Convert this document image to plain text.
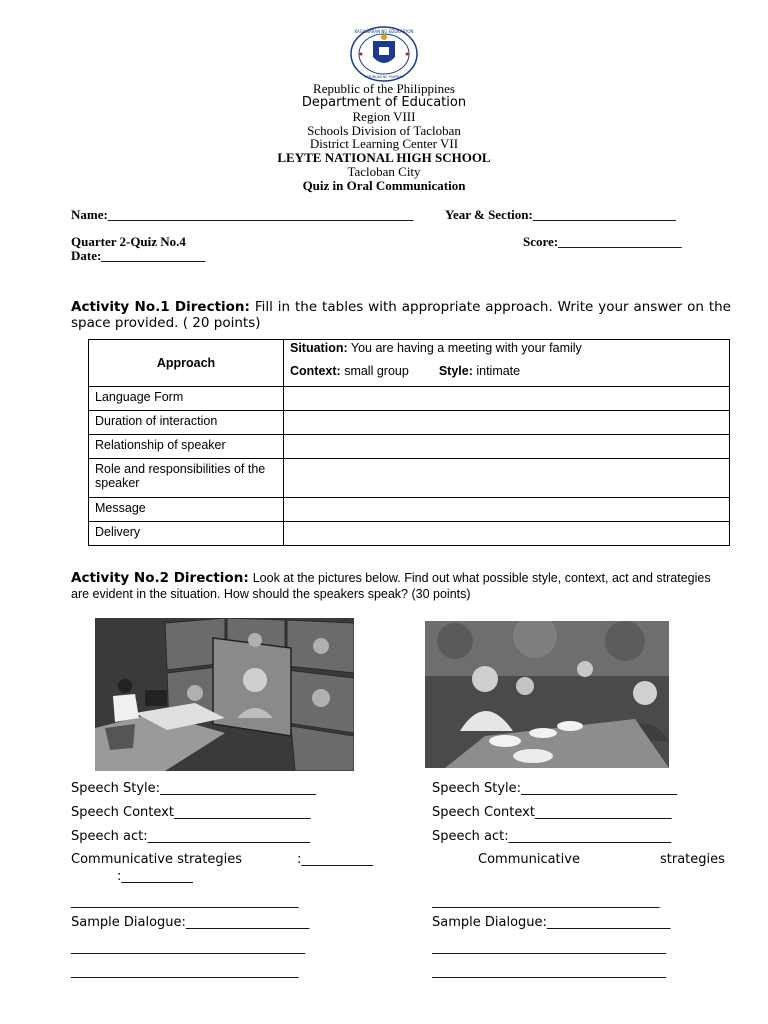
KAGAWARAN NG EDUKASYON
REPUBLIKA NG PILIPINAS
Republic of the Philippines
Department of Education
Region VIII
Schools Division of Tacloban
District Learning Center VII
LEYTE NATIONAL HIGH SCHOOL
Tacloban City
Quiz in Oral Communication
Name:_______________________________________________ Year & Section:______________________
Quarter 2-Quiz No.4	Score:___________________
Date:________________
Activity No.1 Direction: Fill in the tables with appropriate approach. Write your answer on the space provided. ( 20 points)
Approach	Situation: You are having a meeting with your family
Context: small group Style: intimate

Language Form	
Duration of interaction	
Relationship of speaker	
Role and responsibilities of the speaker	
Message	
Delivery	
Activity No.2 Direction: Look at the pictures below. Find out what possible style, context, act and strategies are evident in the situation. How should the speakers speak? (30 points)
Speech Style:________________________
Speech Context_____________________
Speech act:_________________________
Communicative strategies	:___________
:___________
___________________________________
Sample Dialogue:___________________
____________________________________
___________________________________
Speech Style:________________________
Speech Context_____________________
Speech act:_________________________
Communicative	strategies
___________________________________
Sample Dialogue:___________________
____________________________________
____________________________________
